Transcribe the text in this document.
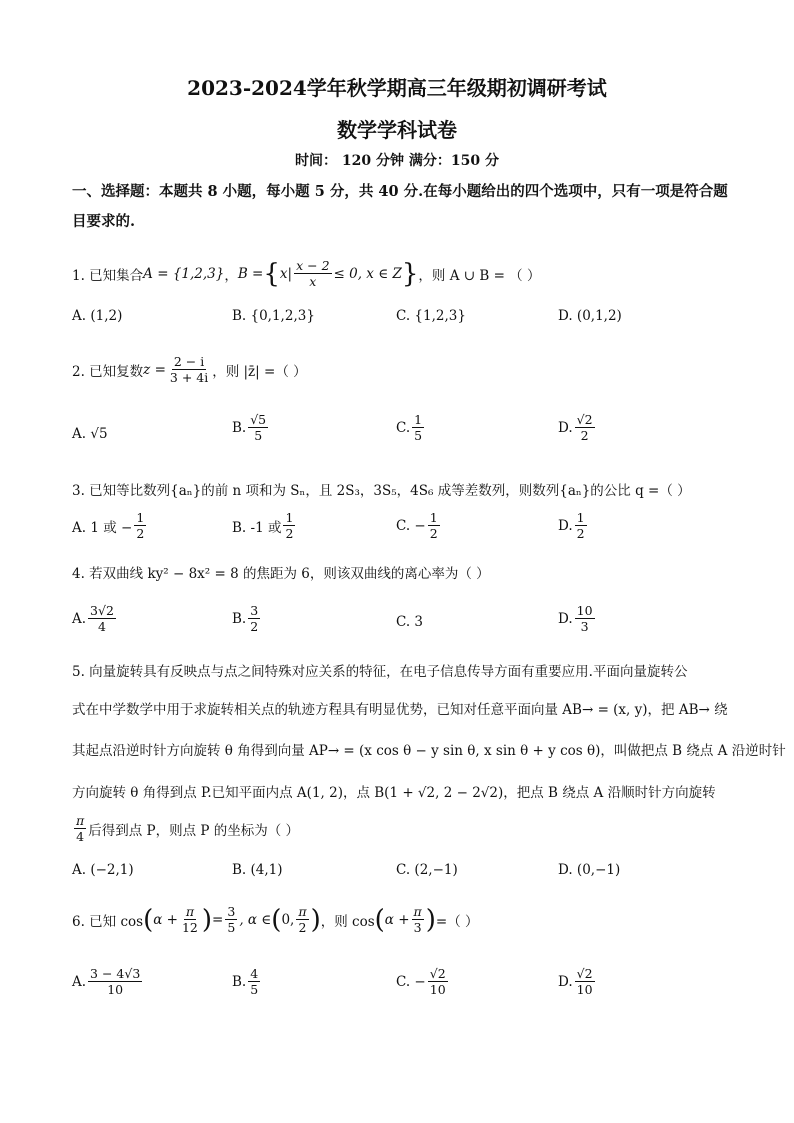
2023-2024学年秋学期高三年级期初调研考试
数学学科试卷
时间： 120 分钟 满分：150 分
一、选择题：本题共 8 小题，每小题 5 分，共 40 分.在每小题给出的四个选项中，只有一项是符合题目要求的.
1. 已知集合 A = {1,2,3} ， B = { $x| \frac{x - 2}{x} \le 0$, x ∈ Z } ，则 A ∪ B = （ ）
A. (1,2)	B. {0,1,2,3}	C. {1,2,3}	D. (0,1,2)
2. 已知复数 $z = \frac{2 - i}{3 + 4i}$ ，则 |z̄| =（ ）
A. √5	B. $\frac{√5}{5}$	C. $\frac{1}{5}$	D. $\frac{√2}{2}$
3. 已知等比数列{aₙ}的前 n 项和为 Sₙ，且 2S₃，3S₅，4S₆ 成等差数列，则数列{aₙ}的公比 q =（ ）
A. 1 或 − $\frac{1}{2}$	B. -1 或 $\frac{1}{2}$	C. − $\frac{1}{2}$	D. $\frac{1}{2}$
4. 若双曲线 ky² − 8x² = 8 的焦距为 6，则该双曲线的离心率为（ ）
A. $\frac{3√2}{4}$	B. $\frac{3}{2}$	C. 3	D. $\frac{10}{3}$
5. 向量旋转具有反映点与点之间特殊对应关系的特征，在电子信息传导方面有重要应用.平面向量旋转公
式在中学数学中用于求旋转相关点的轨迹方程具有明显优势，已知对任意平面向量 AB→ = (x, y)，把 AB→ 绕
其起点沿逆时针方向旋转 θ 角得到向量 AP→ = (x cos θ − y sin θ, x sin θ + y cos θ)，叫做把点 B 绕点 A 沿逆时针
方向旋转 θ 角得到点 P.已知平面内点 A(1, 2)，点 B(1 + √2, 2 − 2√2)，把点 B 绕点 A 沿顺时针方向旋转
$\frac{\pi}{4}$ 后得到点 P，则点 P 的坐标为（ ）
A. (−2,1)	B. (4,1)	C. (2,−1)	D. (0,−1)
6. 已知 cos ( $\alpha + \frac{\pi}{12}$ ) = $\frac{3}{5}$ , α ∈ ( 0, $\frac{\pi}{2}$ ) ，则 cos ( $\alpha + \frac{\pi}{3}$ ) =（ ）
A. $\frac{3 - 4√3}{10}$	B. $\frac{4}{5}$	C. − $\frac{√2}{10}$	D. $\frac{√2}{10}$
